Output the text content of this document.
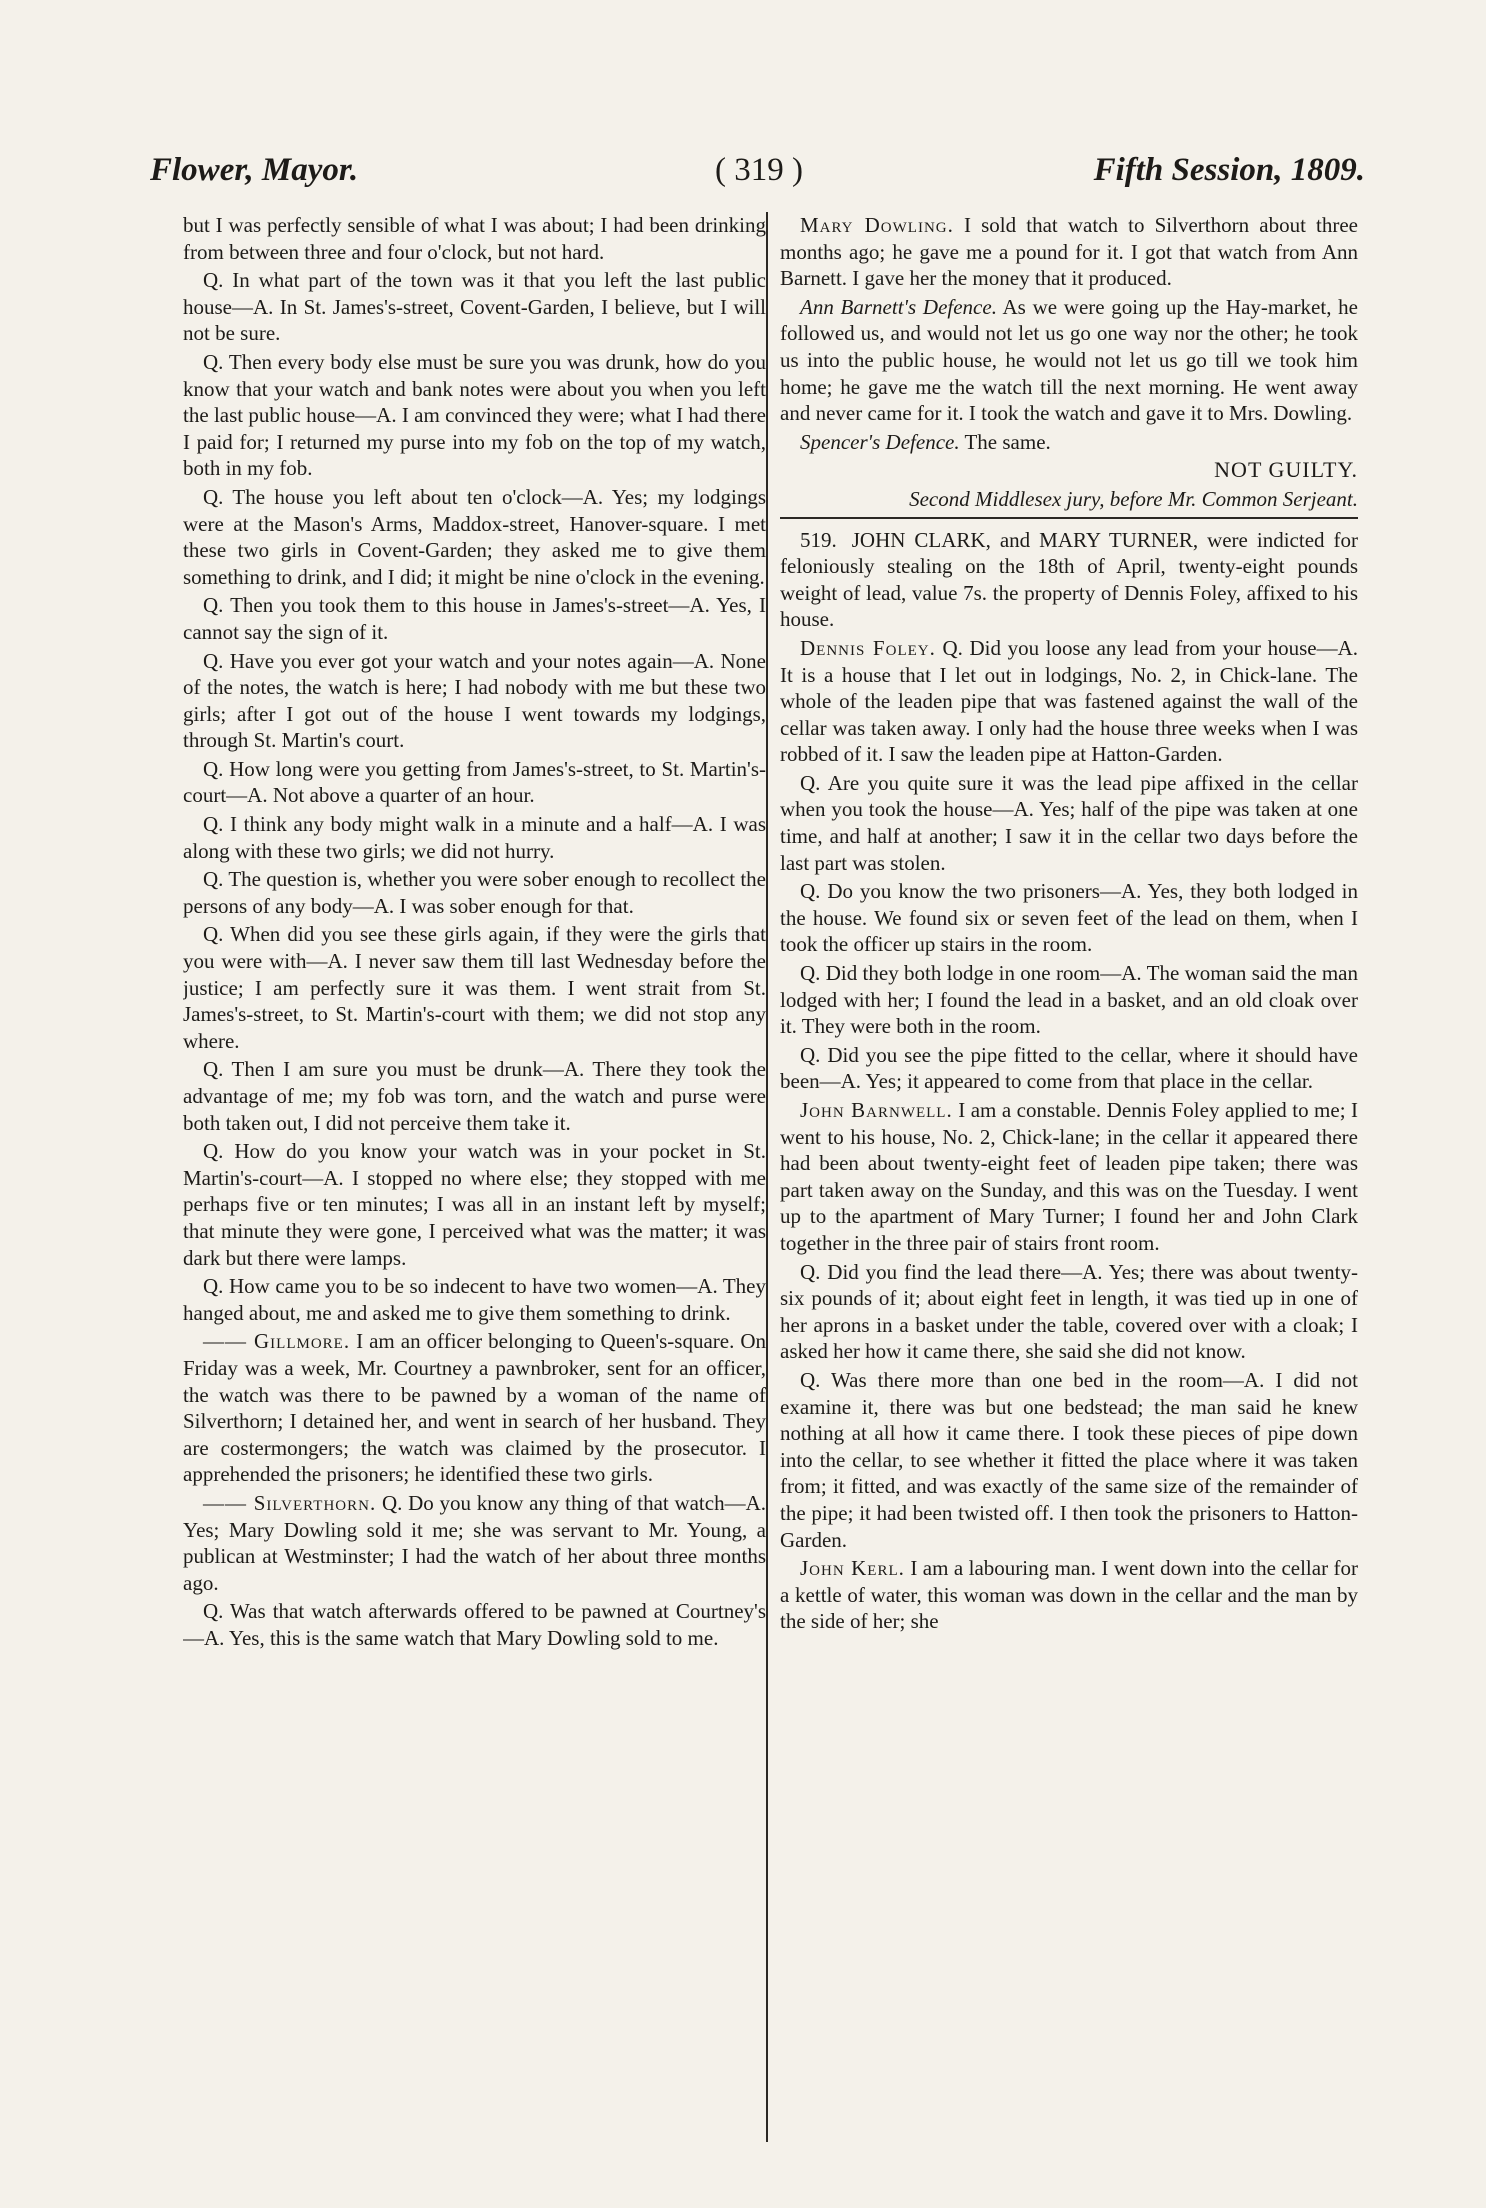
Flower, Mayor.	( 319 )	Fifth Session, 1809.

but I was perfectly sensible of what I was about; I had been drinking from between three and four o'clock, but not hard.

Q. In what part of the town was it that you left the last public house—A. In St. James's-street, Covent-Garden, I believe, but I will not be sure.

Q. Then every body else must be sure you was drunk, how do you know that your watch and bank notes were about you when you left the last public house—A. I am convinced they were; what I had there I paid for; I returned my purse into my fob on the top of my watch, both in my fob.

Q. The house you left about ten o'clock—A. Yes; my lodgings were at the Mason's Arms, Maddox-street, Hanover-square. I met these two girls in Covent-Garden; they asked me to give them something to drink, and I did; it might be nine o'clock in the evening.

Q. Then you took them to this house in James's-street—A. Yes, I cannot say the sign of it.

Q. Have you ever got your watch and your notes again—A. None of the notes, the watch is here; I had nobody with me but these two girls; after I got out of the house I went towards my lodgings, through St. Martin's court.

Q. How long were you getting from James's-street, to St. Martin's-court—A. Not above a quarter of an hour.

Q. I think any body might walk in a minute and a half—A. I was along with these two girls; we did not hurry.

Q. The question is, whether you were sober enough to recollect the persons of any body—A. I was sober enough for that.

Q. When did you see these girls again, if they were the girls that you were with—A. I never saw them till last Wednesday before the justice; I am perfectly sure it was them. I went strait from St. James's-street, to St. Martin's-court with them; we did not stop any where.

Q. Then I am sure you must be drunk—A. There they took the advantage of me; my fob was torn, and the watch and purse were both taken out, I did not perceive them take it.

Q. How do you know your watch was in your pocket in St. Martin's-court—A. I stopped no where else; they stopped with me perhaps five or ten minutes; I was all in an instant left by myself; that minute they were gone, I perceived what was the matter; it was dark but there were lamps.

Q. How came you to be so indecent to have two women—A. They hanged about, me and asked me to give them something to drink.

—— Gillmore. I am an officer belonging to Queen's-square. On Friday was a week, Mr. Courtney a pawnbroker, sent for an officer, the watch was there to be pawned by a woman of the name of Silverthorn; I detained her, and went in search of her husband. They are costermongers; the watch was claimed by the prosecutor. I apprehended the prisoners; he identified these two girls.

—— Silverthorn. Q. Do you know any thing of that watch—A. Yes; Mary Dowling sold it me; she was servant to Mr. Young, a publican at Westminster; I had the watch of her about three months ago.

Q. Was that watch afterwards offered to be pawned at Courtney's—A. Yes, this is the same watch that Mary Dowling sold to me.

Mary Dowling. I sold that watch to Silverthorn about three months ago; he gave me a pound for it. I got that watch from Ann Barnett. I gave her the money that it produced.

Ann Barnett's Defence. As we were going up the Hay-market, he followed us, and would not let us go one way nor the other; he took us into the public house, he would not let us go till we took him home; he gave me the watch till the next morning. He went away and never came for it. I took the watch and gave it to Mrs. Dowling.

Spencer's Defence. The same.

NOT GUILTY.

Second Middlesex jury, before Mr. Common Serjeant.

519. JOHN CLARK, and MARY TURNER, were indicted for feloniously stealing on the 18th of April, twenty-eight pounds weight of lead, value 7s. the property of Dennis Foley, affixed to his house.

Dennis Foley. Q. Did you loose any lead from your house—A. It is a house that I let out in lodgings, No. 2, in Chick-lane. The whole of the leaden pipe that was fastened against the wall of the cellar was taken away. I only had the house three weeks when I was robbed of it. I saw the leaden pipe at Hatton-Garden.

Q. Are you quite sure it was the lead pipe affixed in the cellar when you took the house—A. Yes; half of the pipe was taken at one time, and half at another; I saw it in the cellar two days before the last part was stolen.

Q. Do you know the two prisoners—A. Yes, they both lodged in the house. We found six or seven feet of the lead on them, when I took the officer up stairs in the room.

Q. Did they both lodge in one room—A. The woman said the man lodged with her; I found the lead in a basket, and an old cloak over it. They were both in the room.

Q. Did you see the pipe fitted to the cellar, where it should have been—A. Yes; it appeared to come from that place in the cellar.

John Barnwell. I am a constable. Dennis Foley applied to me; I went to his house, No. 2, Chick-lane; in the cellar it appeared there had been about twenty-eight feet of leaden pipe taken; there was part taken away on the Sunday, and this was on the Tuesday. I went up to the apartment of Mary Turner; I found her and John Clark together in the three pair of stairs front room.

Q. Did you find the lead there—A. Yes; there was about twenty-six pounds of it; about eight feet in length, it was tied up in one of her aprons in a basket under the table, covered over with a cloak; I asked her how it came there, she said she did not know.

Q. Was there more than one bed in the room—A. I did not examine it, there was but one bedstead; the man said he knew nothing at all how it came there. I took these pieces of pipe down into the cellar, to see whether it fitted the place where it was taken from; it fitted, and was exactly of the same size of the remainder of the pipe; it had been twisted off. I then took the prisoners to Hatton-Garden.

John Kerl. I am a labouring man. I went down into the cellar for a kettle of water, this woman was down in the cellar and the man by the side of her; she
